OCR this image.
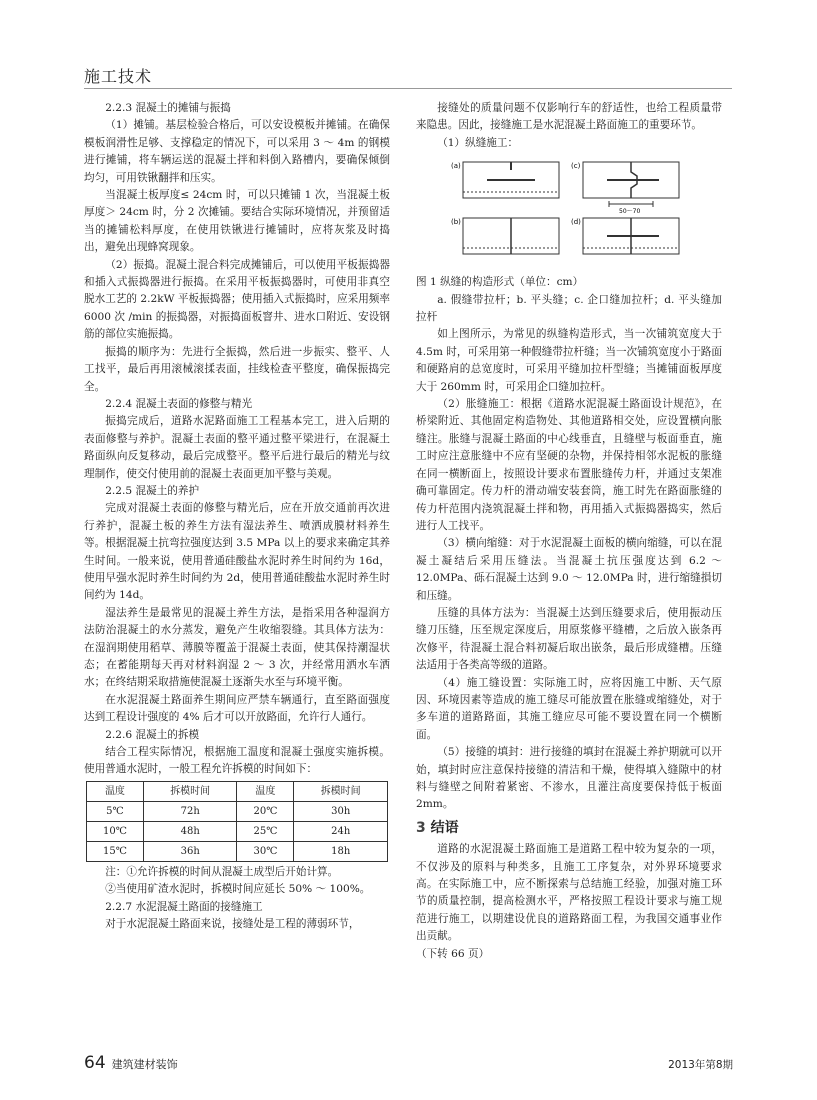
施工技术

2.2.3 混凝土的摊铺与振捣

（1）摊铺。基层检验合格后，可以安设模板并摊铺。在确保模板润滑性足够、支撑稳定的情况下，可以采用 3 ～ 4m 的钢模进行摊铺，将车辆运送的混凝土拌和料倒入路槽内，要确保倾倒均匀，可用铁锹翻拌和压实。

当混凝土板厚度≤ 24cm 时，可以只摊铺 1 次，当混凝土板厚度＞ 24cm 时，分 2 次摊铺。要结合实际环境情况，并预留适当的摊铺松料厚度，在使用铁锹进行摊铺时，应将灰浆及时捣出，避免出现蜂窝现象。

（2）振捣。混凝土混合料完成摊铺后，可以使用平板振捣器和插入式振捣器进行振捣。在采用平板振捣器时，可使用非真空脱水工艺的 2.2kW 平板振捣器；使用插入式振捣时，应采用频率 6000 次 /min 的振捣器，对振捣面板窨井、进水口附近、安设钢筋的部位实施振捣。

振捣的顺序为：先进行全振捣，然后进一步振实、整平、人工找平，最后再用滚械滚揉表面，挂线检查平整度，确保振捣完全。

2.2.4 混凝土表面的修整与精光

振捣完成后，道路水泥路面施工工程基本完工，进入后期的表面修整与养护。混凝土表面的整平通过整平梁进行，在混凝土路面纵向反复移动，最后完成整平。整平后进行最后的精光与纹理制作，使交付使用前的混凝土表面更加平整与美观。

2.2.5 混凝土的养护

完成对混凝土表面的修整与精光后，应在开放交通前再次进行养护，混凝土板的养生方法有湿法养生、喷洒成膜材料养生等。根据混凝土抗弯拉强度达到 3.5 MPa 以上的要求来确定其养生时间。一般来说，使用普通硅酸盐水泥时养生时间约为 16d，使用早强水泥时养生时间约为 2d，使用普通硅酸盐水泥时养生时间约为 14d。

湿法养生是最常见的混凝土养生方法，是指采用各种湿润方法防治混凝土的水分蒸发，避免产生收缩裂缝。其具体方法为：在湿润期使用稻草、薄膜等覆盖于混凝土表面，使其保持潮湿状态；在蓄能期每天再对材料润湿 2 ～ 3 次，并经常用洒水车洒水；在终结期采取措施使混凝土逐渐失水至与环境平衡。

在水泥混凝土路面养生期间应严禁车辆通行，直至路面强度达到工程设计强度的 4% 后才可以开放路面，允许行人通行。

2.2.6 混凝土的拆模

结合工程实际情况，根据施工温度和混凝土强度实施拆模。使用普通水泥时，一般工程允许拆模的时间如下：

温度	拆模时间	温度	拆模时间
5℃	72h	20℃	30h
10℃	48h	25℃	24h
15℃	36h	30℃	18h

注：①允许拆模的时间从混凝土成型后开始计算。

②当使用矿渣水泥时，拆模时间应延长 50% ～ 100%。

2.2.7 水泥混凝土路面的接缝施工

对于水泥混凝土路面来说，接缝处是工程的薄弱环节，

接缝处的质量问题不仅影响行车的舒适性，也给工程质量带来隐患。因此，接缝施工是水泥混凝土路面施工的重要环节。

（1）纵缝施工：

(a)	(c)
(b)	(d)
50～70

图 1 纵缝的构造形式（单位：cm）

a. 假缝带拉杆；b. 平头缝；c. 企口缝加拉杆；d. 平头缝加拉杆

如上图所示，为常见的纵缝构造形式，当一次铺筑宽度大于 4.5m 时，可采用第一种假缝带拉杆缝；当一次铺筑宽度小于路面和硬路肩的总宽度时，可采用平缝加拉杆型缝；当摊铺面板厚度大于 260mm 时，可采用企口缝加拉杆。

（2）胀缝施工：根据《道路水泥混凝土路面设计规范》，在桥梁附近、其他固定构造物处、其他道路相交处，应设置横向胀缝注。胀缝与混凝土路面的中心线垂直，且缝壁与板面垂直，施工时应注意胀缝中不应有坚硬的杂物，并保持相邻水泥板的胀缝在同一横断面上，按照设计要求布置胀缝传力杆，并通过支架准确可靠固定。传力杆的滑动端安装套筒，施工时先在路面胀缝的传力杆范围内浇筑混凝土拌和物，再用插入式振捣器捣实，然后进行人工找平。

（3）横向缩缝：对于水泥混凝土面板的横向缩缝，可以在混凝土凝结后采用压缝法。当混凝土抗压强度达到 6.2 ～ 12.0MPa、砾石混凝土达到 9.0 ～ 12.0MPa 时，进行缩缝損切和压缝。

压缝的具体方法为：当混凝土达到压缝要求后，使用振动压缝刀压缝，压至规定深度后，用原浆修平缝槽，之后放入嵌条再次修平，待混凝土混合料初凝后取出嵌条，最后形成缝槽。压缝法适用于各类高等级的道路。

（4）施工缝设置：实际施工时，应将因施工中断、天气原因、环境因素等造成的施工缝尽可能放置在胀缝或缩缝处，对于多车道的道路路面，其施工缝应尽可能不要设置在同一个横断面。

（5）接缝的填封：进行接缝的填封在混凝土养护期就可以开始，填封时应注意保持接缝的清洁和干燥，使得填入缝隙中的材料与缝壁之间附着紧密、不渗水，且灌注高度要保持低于板面 2mm。

3 结语

道路的水泥混凝土路面施工是道路工程中较为复杂的一项，不仅涉及的原料与种类多，且施工工序复杂，对外界环境要求高。在实际施工中，应不断探索与总结施工经验，加强对施工环节的质量控制，提高检测水平，严格按照工程设计要求与施工规范进行施工，以期建设优良的道路路面工程，为我国交通事业作出贡献。

（下转 66 页）

64 建筑建材装饰	2013年第8期
